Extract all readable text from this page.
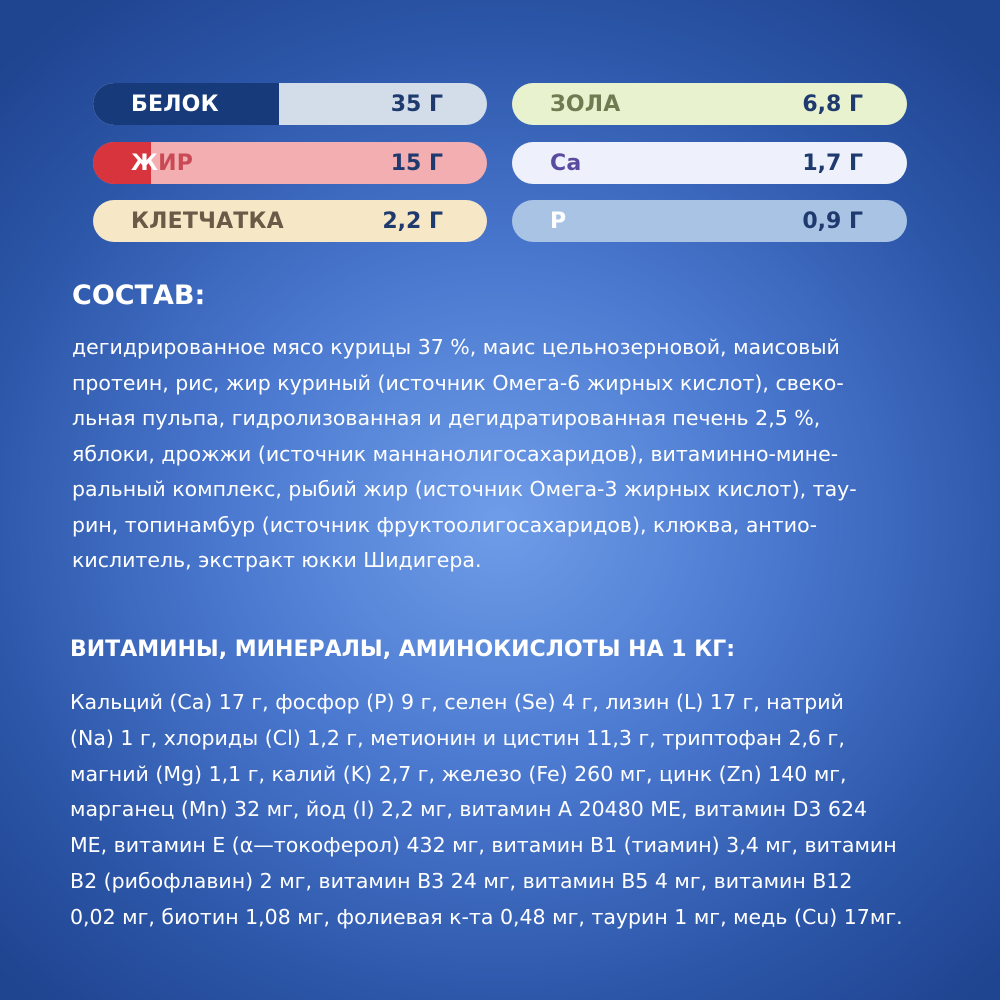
БЕЛОК	35 Г
Ж ИР	15 Г
КЛЕТЧАТКА	2,2 Г
ЗОЛА	6,8 Г
Ca	1,7 Г
P	0,9 Г
СОСТАВ:
дегидрированное мясо курицы 37 %, маис цельнозерновой, маисовый
протеин, рис, жир куриный (источник Омега-6 жирных кислот), свеко-
льная пульпа, гидролизованная и дегидратированная печень 2,5 %,
яблоки, дрожжи (источник маннанолигосахаридов), витаминно-мине-
ральный комплекс, рыбий жир (источник Омега-3 жирных кислот), тау-
рин, топинамбур (источник фруктоолигосахаридов), клюква, антио-
кислитель, экстракт юкки Шидигера.
ВИТАМИНЫ, МИНЕРАЛЫ, АМИНОКИСЛОТЫ НА 1 КГ:
Кальций (Са) 17 г, фосфор (Р) 9 г, селен (Se) 4 г, лизин (L) 17 г, натрий
(Na) 1 г, хлориды (Cl) 1,2 г, метионин и цистин 11,3 г, триптофан 2,6 г,
магний (Mg) 1,1 г, калий (K) 2,7 г, железо (Fe) 260 мг, цинк (Zn) 140 мг,
марганец (Mn) 32 мг, йод (I) 2,2 мг, витамин А 20480 МЕ, витамин D3 624
МЕ, витамин Е (α—токоферол) 432 мг, витамин В1 (тиамин) 3,4 мг, витамин
В2 (рибофлавин) 2 мг, витамин В3 24 мг, витамин В5 4 мг, витамин В12
0,02 мг, биотин 1,08 мг, фолиевая к-та 0,48 мг, таурин 1 мг, медь (Cu) 17мг.
